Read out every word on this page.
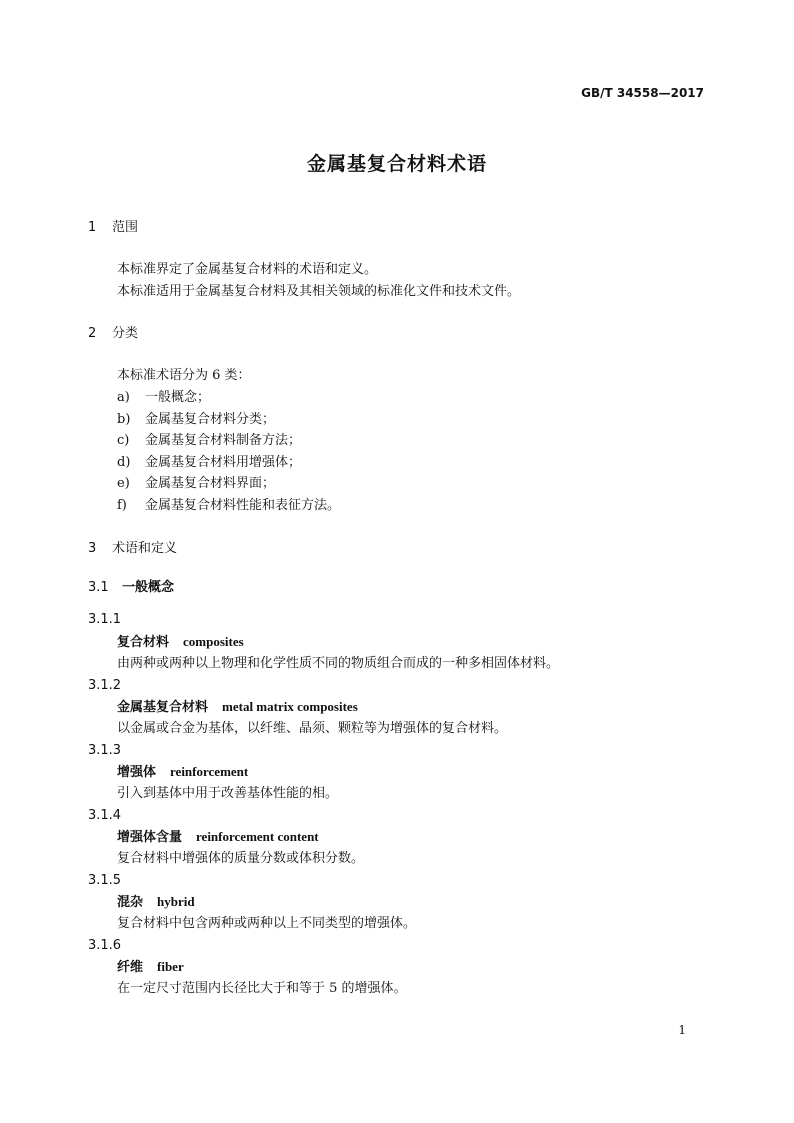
GB/T 34558—2017
金属基复合材料术语
1 范围
本标准界定了金属基复合材料的术语和定义。
本标准适用于金属基复合材料及其相关领域的标准化文件和技术文件。
2 分类
本标准术语分为 6 类：
a) 一般概念；
b) 金属基复合材料分类；
c) 金属基复合材料制备方法；
d) 金属基复合材料用增强体；
e) 金属基复合材料界面；
f) 金属基复合材料性能和表征方法。
3 术语和定义
3.1 一般概念
3.1.1
复合材料 composites
由两种或两种以上物理和化学性质不同的物质组合而成的一种多相固体材料。
3.1.2
金属基复合材料 metal matrix composites
以金属或合金为基体，以纤维、晶须、颗粒等为增强体的复合材料。
3.1.3
增强体 reinforcement
引入到基体中用于改善基体性能的相。
3.1.4
增强体含量 reinforcement content
复合材料中增强体的质量分数或体积分数。
3.1.5
混杂 hybrid
复合材料中包含两种或两种以上不同类型的增强体。
3.1.6
纤维 fiber
在一定尺寸范围内长径比大于和等于 5 的增强体。
1
